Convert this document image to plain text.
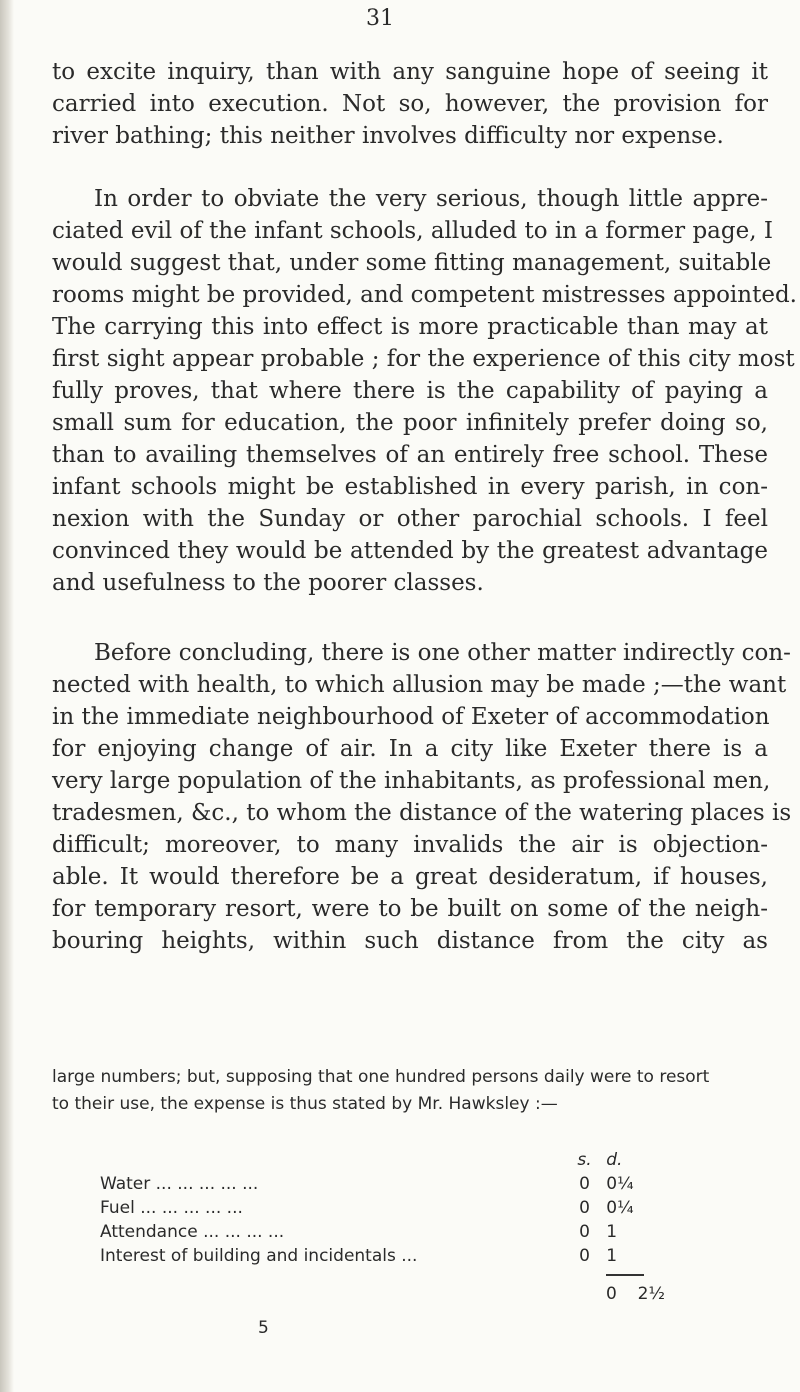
31
to excite inquiry, than with any sanguine hope of seeing it
carried into execution. Not so, however, the provision for
river bathing; this neither involves difficulty nor expense.
In order to obviate the very serious, though little appre-
ciated evil of the infant schools, alluded to in a former page, I
would suggest that, under some fitting management, suitable
rooms might be provided, and competent mistresses appointed.
The carrying this into effect is more practicable than may at
first sight appear probable ; for the experience of this city most
fully proves, that where there is the capability of paying a
small sum for education, the poor infinitely prefer doing so,
than to availing themselves of an entirely free school. These
infant schools might be established in every parish, in con-
nexion with the Sunday or other parochial schools. I feel
convinced they would be attended by the greatest advantage
and usefulness to the poorer classes.
Before concluding, there is one other matter indirectly con-
nected with health, to which allusion may be made ;—the want
in the immediate neighbourhood of Exeter of accommodation
for enjoying change of air. In a city like Exeter there is a
very large population of the inhabitants, as professional men,
tradesmen, &c., to whom the distance of the watering places is
difficult; moreover, to many invalids the air is objection-
able. It would therefore be a great desideratum, if houses,
for temporary resort, were to be built on some of the neigh-
bouring heights, within such distance from the city as
large numbers; but, supposing that one hundred persons daily were to resort
to their use, the expense is thus stated by Mr. Hawksley :—
	s.	d.
Water ... ... ... ... ...	0	0¼
Fuel ... ... ... ... ...	0	0¼
Attendance ... ... ... ...	0	1
Interest of building and incidentals ...	0	1
0 2½
5
